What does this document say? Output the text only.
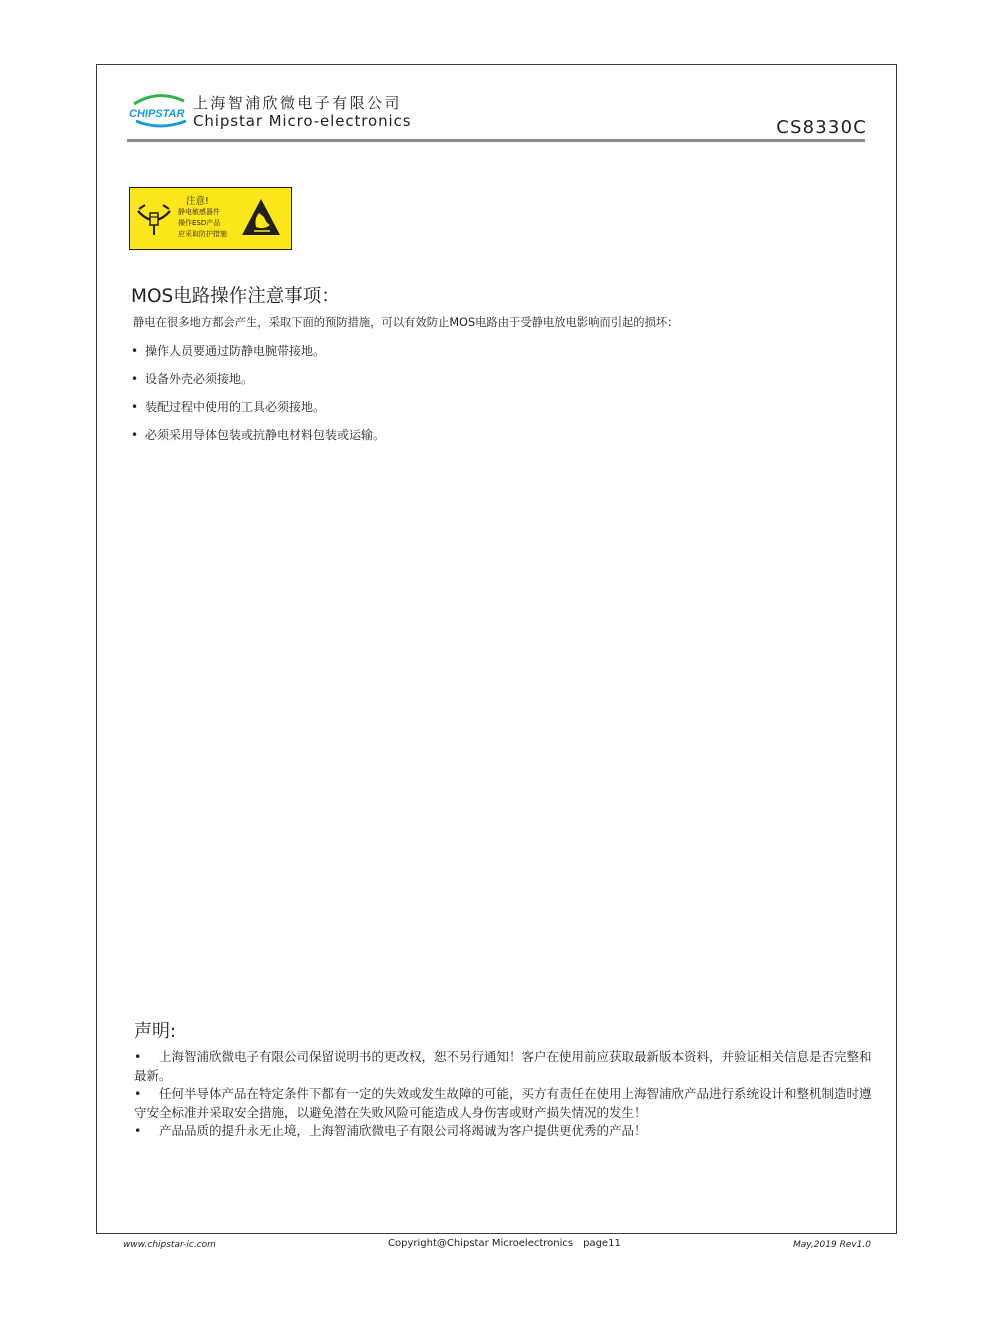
CHIPSTAR
上海智浦欣微电子有限公司
Chipstar Micro-electronics	CS8330C
注意!
静电敏感器件
操作ESD产品
应采取防护措施
MOS电路操作注意事项：
静电在很多地方都会产生，采取下面的预防措施，可以有效防止MOS电路由于受静电放电影响而引起的损坏：
• 操作人员要通过防静电腕带接地。
• 设备外壳必须接地。
• 装配过程中使用的工具必须接地。
• 必须采用导体包装或抗静电材料包装或运输。
声明:
• 上海智浦欣微电子有限公司保留说明书的更改权，恕不另行通知！客户在使用前应获取最新版本资料，并验证相关信息是否完整和最新。
• 任何半导体产品在特定条件下都有一定的失效或发生故障的可能，买方有责任在使用上海智浦欣产品进行系统设计和整机制造时遵守安全标准并采取安全措施，以避免潜在失败风险可能造成人身伤害或财产损失情况的发生！
• 产品品质的提升永无止境，上海智浦欣微电子有限公司将竭诚为客户提供更优秀的产品！
www.chipstar-ic.com	Copyright@Chipstar Microelectronics page11	May,2019 Rev1.0
